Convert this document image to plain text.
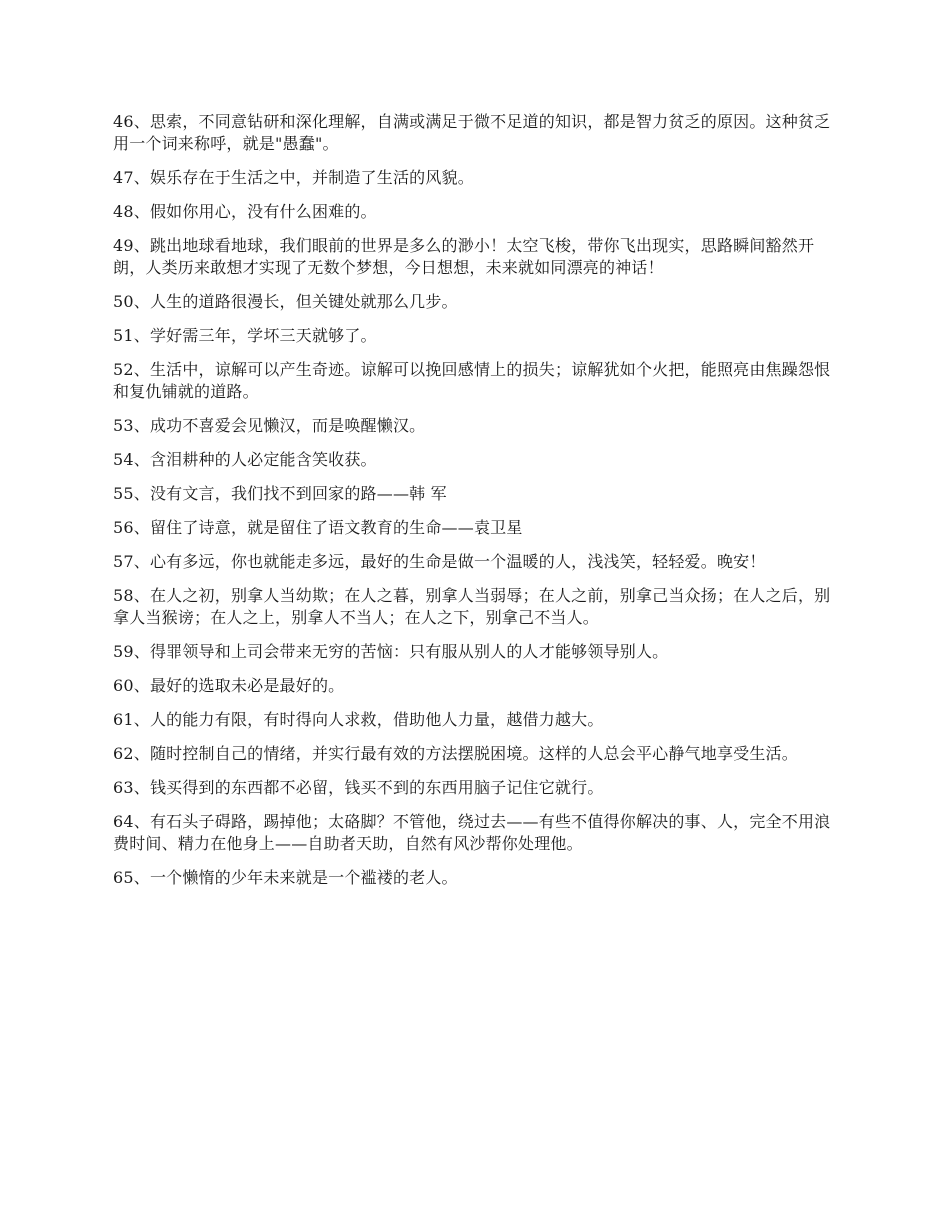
46、思索，不同意钻研和深化理解，自满或满足于微不足道的知识，都是智力贫乏的原因。这种贫乏用一个词来称呼，就是"愚蠢"。
47、娱乐存在于生活之中，并制造了生活的风貌。
48、假如你用心，没有什么困难的。
49、跳出地球看地球，我们眼前的世界是多么的渺小！太空飞梭，带你飞出现实，思路瞬间豁然开朗，人类历来敢想才实现了无数个梦想，今日想想，未来就如同漂亮的神话！
50、人生的道路很漫长，但关键处就那么几步。
51、学好需三年，学坏三天就够了。
52、生活中，谅解可以产生奇迹。谅解可以挽回感情上的损失；谅解犹如个火把，能照亮由焦躁怨恨和复仇铺就的道路。
53、成功不喜爱会见懒汉，而是唤醒懒汉。
54、含泪耕种的人必定能含笑收获。
55、没有文言，我们找不到回家的路——韩 军
56、留住了诗意，就是留住了语文教育的生命——袁卫星
57、心有多远，你也就能走多远，最好的生命是做一个温暖的人，浅浅笑，轻轻爱。晚安！
58、在人之初，别拿人当幼欺；在人之暮，别拿人当弱辱；在人之前，别拿己当众扬；在人之后，别拿人当猴谤；在人之上，别拿人不当人；在人之下，别拿己不当人。
59、得罪领导和上司会带来无穷的苦恼：只有服从别人的人才能够领导别人。
60、最好的选取未必是最好的。
61、人的能力有限，有时得向人求救，借助他人力量，越借力越大。
62、随时控制自己的情绪，并实行最有效的方法摆脱困境。这样的人总会平心静气地享受生活。
63、钱买得到的东西都不必留，钱买不到的东西用脑子记住它就行。
64、有石头子碍路，踢掉他；太硌脚？不管他，绕过去——有些不值得你解决的事、人，完全不用浪费时间、精力在他身上——自助者天助，自然有风沙帮你处理他。
65、一个懒惰的少年未来就是一个褴褛的老人。
